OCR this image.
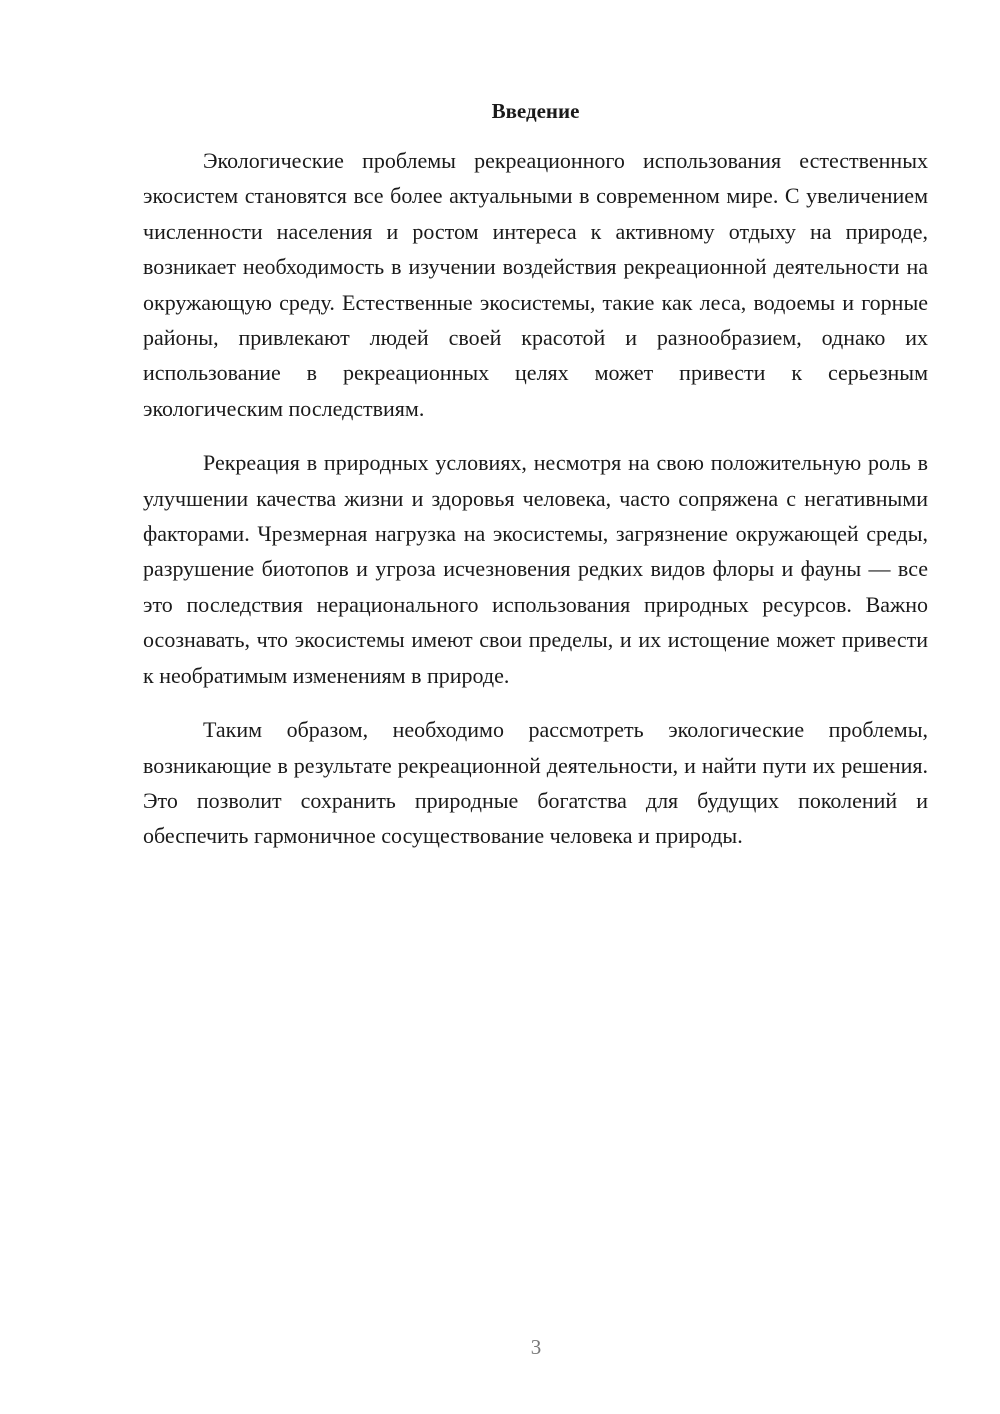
Введение

Экологические проблемы рекреационного использования естественных экосистем становятся все более актуальными в современном мире. С увеличением численности населения и ростом интереса к активному отдыху на природе, возникает необходимость в изучении воздействия рекреационной деятельности на окружающую среду. Естественные экосистемы, такие как леса, водоемы и горные районы, привлекают людей своей красотой и разнообразием, однако их использование в рекреационных целях может привести к серьезным экологическим последствиям.

Рекреация в природных условиях, несмотря на свою положительную роль в улучшении качества жизни и здоровья человека, часто сопряжена с негативными факторами. Чрезмерная нагрузка на экосистемы, загрязнение окружающей среды, разрушение биотопов и угроза исчезновения редких видов флоры и фауны — все это последствия нерационального использования природных ресурсов. Важно осознавать, что экосистемы имеют свои пределы, и их истощение может привести к необратимым изменениям в природе.

Таким образом, необходимо рассмотреть экологические проблемы, возникающие в результате рекреационной деятельности, и найти пути их решения. Это позволит сохранить природные богатства для будущих поколений и обеспечить гармоничное сосуществование человека и природы.

3
